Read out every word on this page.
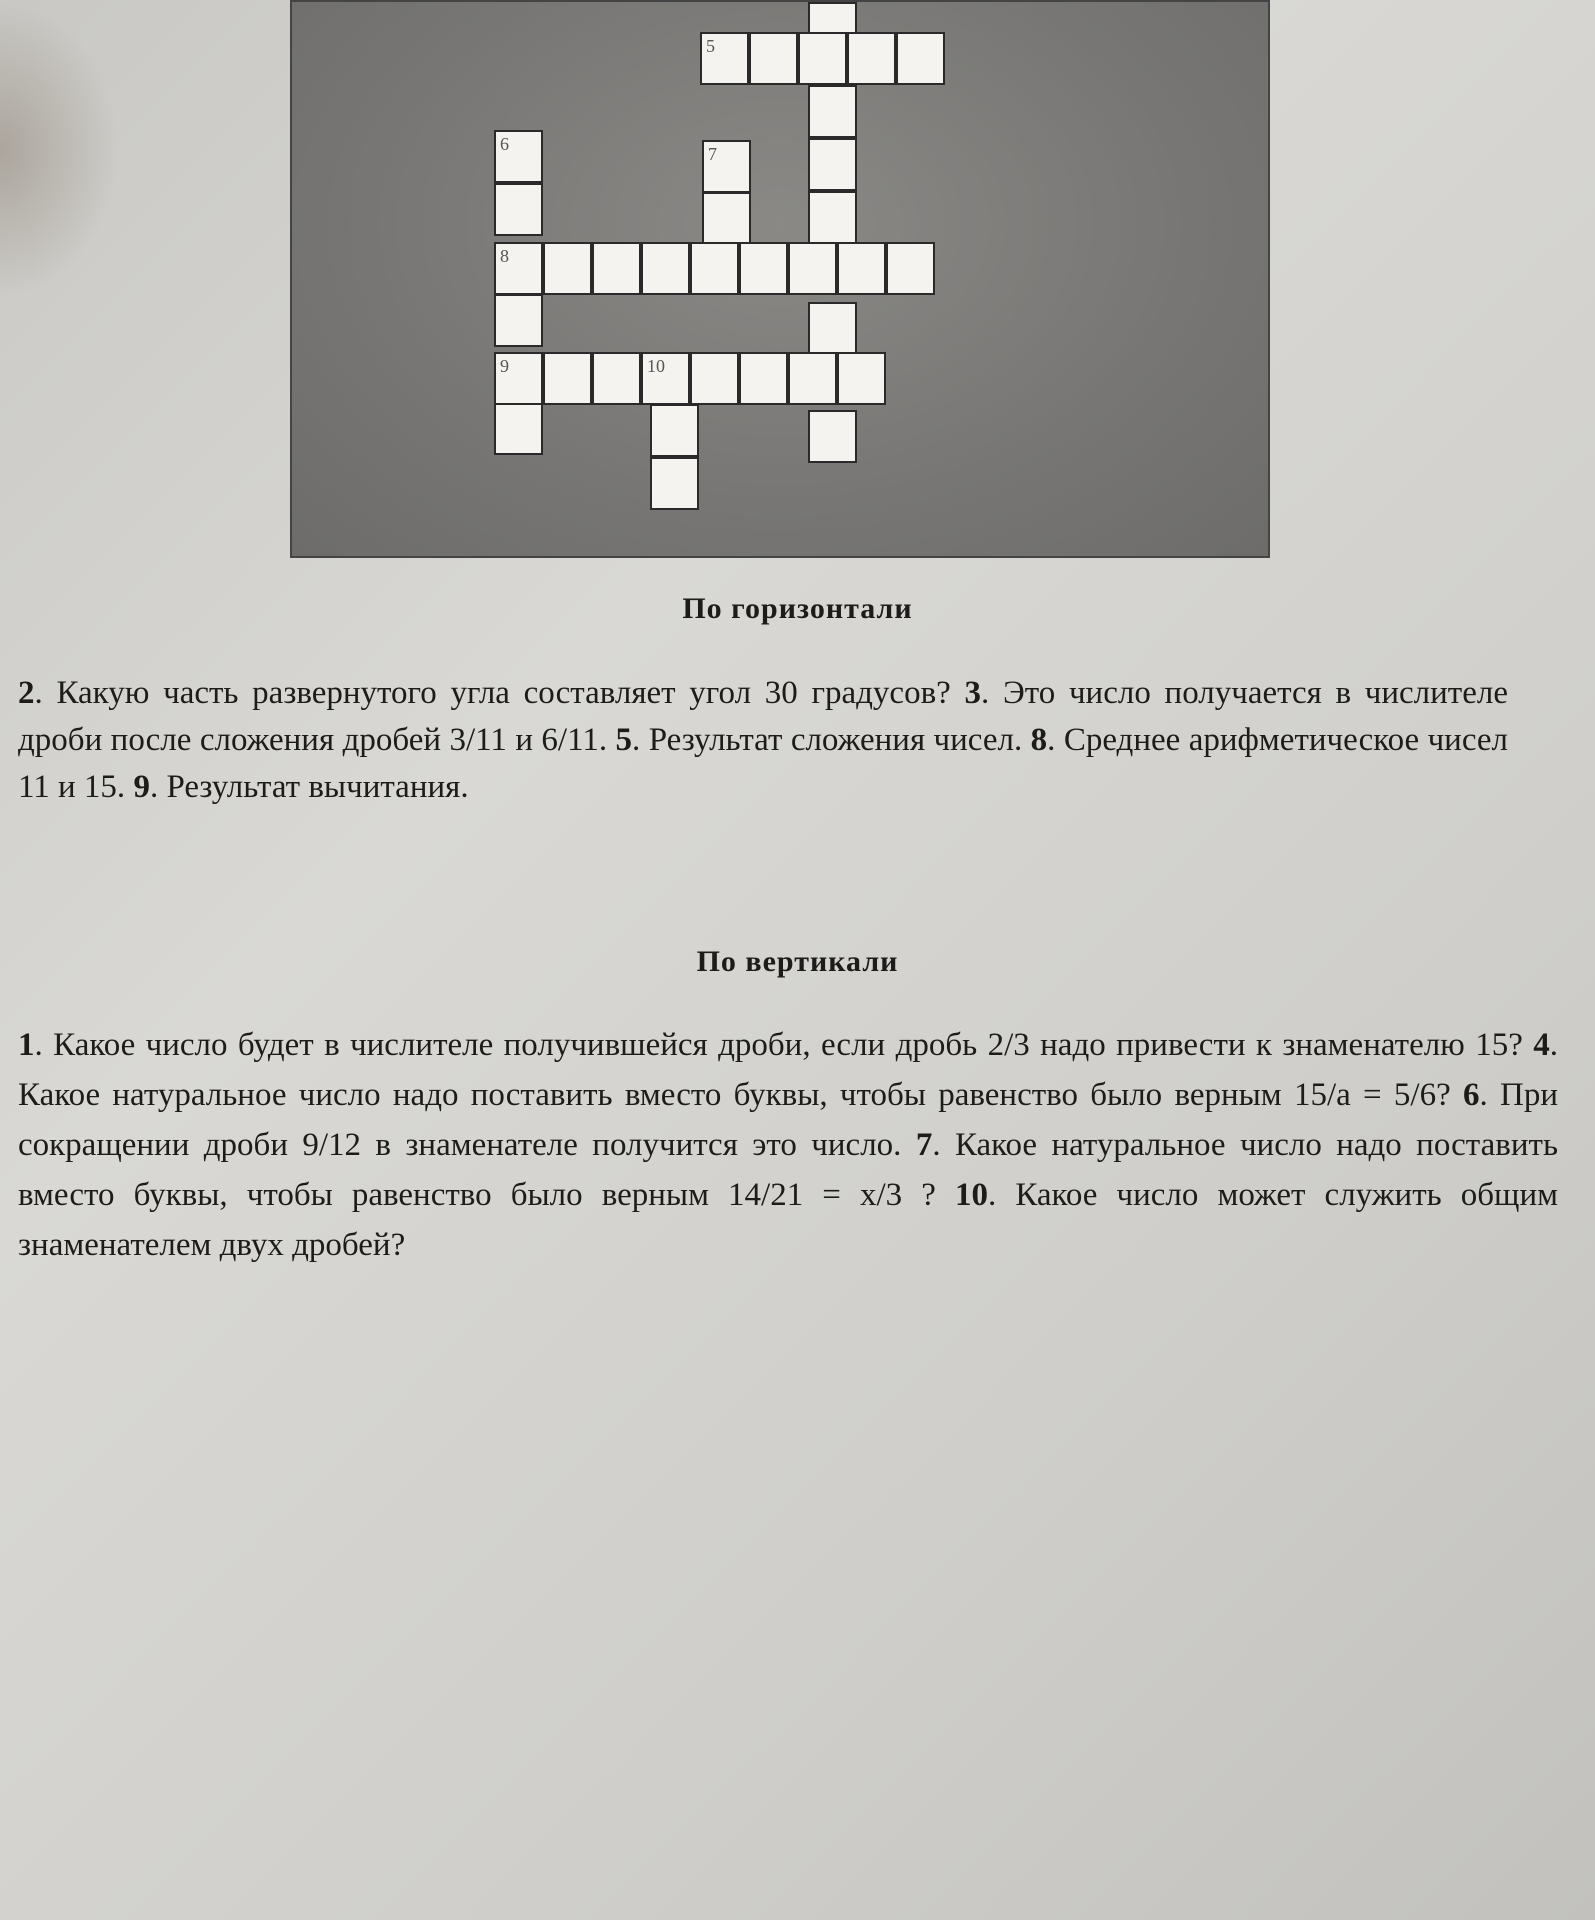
5
6	7
8
9	10
По горизонтали
2. Какую часть развернутого угла составляет угол 30 градусов? 3. Это число получается в числителе дроби после сложения дробей 3/11 и 6/11. 5. Результат сложения чисел. 8. Среднее арифметическое чисел 11 и 15. 9. Результат вычитания.
По вертикали
1. Какое число будет в числителе получившейся дроби, если дробь 2/3 надо привести к знаменателю 15? 4. Какое натуральное число надо поставить вместо буквы, чтобы равенство было верным 15/а = 5/6? 6. При сокращении дроби 9/12 в знаменателе получится это число. 7. Какое натуральное число надо поставить вместо буквы, чтобы равенство было верным 14/21 = х/3 ? 10. Какое число может служить общим знаменателем двух дробей?
